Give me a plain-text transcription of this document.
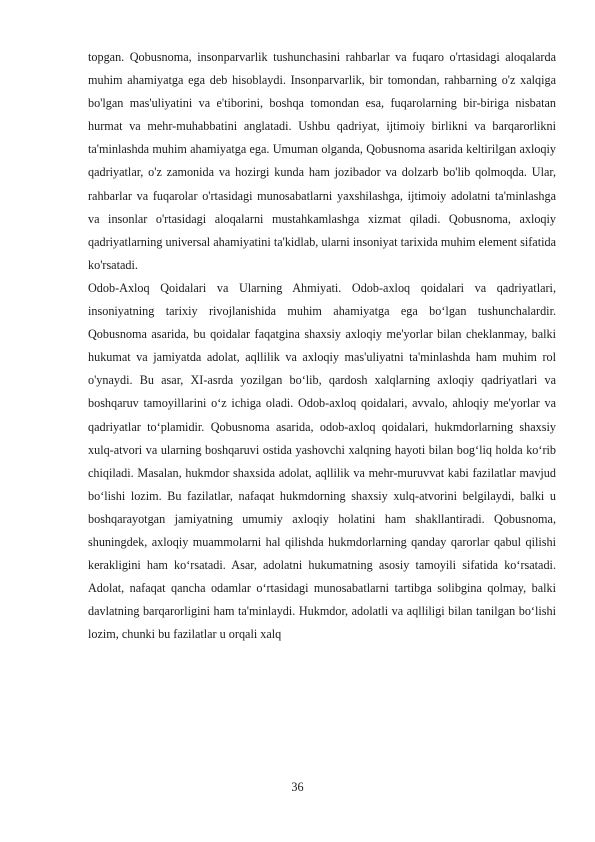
topgan. Qobusnoma, insonparvarlik tushunchasini rahbarlar va fuqaro o'rtasidagi aloqalarda muhim ahamiyatga ega deb hisoblaydi. Insonparvarlik, bir tomondan, rahbarning o'z xalqiga bo'lgan mas'uliyatini va e'tiborini, boshqa tomondan esa, fuqarolarning bir-biriga nisbatan hurmat va mehr-muhabbatini anglatadi. Ushbu qadriyat, ijtimoiy birlikni va barqarorlikni ta'minlashda muhim ahamiyatga ega. Umuman olganda, Qobusnoma asarida keltirilgan axloqiy qadriyatlar, o'z zamonida va hozirgi kunda ham jozibador va dolzarb bo'lib qolmoqda. Ular, rahbarlar va fuqarolar o'rtasidagi munosabatlarni yaxshilashga, ijtimoiy adolatni ta'minlashga va insonlar o'rtasidagi aloqalarni mustahkamlashga xizmat qiladi. Qobusnoma, axloqiy qadriyatlarning universal ahamiyatini ta'kidlab, ularni insoniyat tarixida muhim element sifatida ko'rsatadi.

Odob-Axloq Qoidalari va Ularning Ahmiyati. Odob-axloq qoidalari va qadriyatlari, insoniyatning tarixiy rivojlanishida muhim ahamiyatga ega bo‘lgan tushunchalardir. Qobusnoma asarida, bu qoidalar faqatgina shaxsiy axloqiy me'yorlar bilan cheklanmay, balki hukumat va jamiyatda adolat, aqllilik va axloqiy mas'uliyatni ta'minlashda ham muhim rol o'ynaydi. Bu asar, XI-asrda yozilgan bo‘lib, qardosh xalqlarning axloqiy qadriyatlari va boshqaruv tamoyillarini o‘z ichiga oladi. Odob-axloq qoidalari, avvalo, ahloqiy me'yorlar va qadriyatlar to‘plamidir. Qobusnoma asarida, odob-axloq qoidalari, hukmdorlarning shaxsiy xulq-atvori va ularning boshqaruvi ostida yashovchi xalqning hayoti bilan bog‘liq holda ko‘rib chiqiladi. Masalan, hukmdor shaxsida adolat, aqllilik va mehr-muruvvat kabi fazilatlar mavjud bo‘lishi lozim. Bu fazilatlar, nafaqat hukmdorning shaxsiy xulq-atvorini belgilaydi, balki u boshqarayotgan jamiyatning umumiy axloqiy holatini ham shakllantiradi. Qobusnoma, shuningdek, axloqiy muammolarni hal qilishda hukmdorlarning qanday qarorlar qabul qilishi kerakligini ham ko‘rsatadi. Asar, adolatni hukumatning asosiy tamoyili sifatida ko‘rsatadi. Adolat, nafaqat qancha odamlar o‘rtasidagi munosabatlarni tartibga solibgina qolmay, balki davlatning barqarorligini ham ta'minlaydi. Hukmdor, adolatli va aqlliligi bilan tanilgan bo‘lishi lozim, chunki bu fazilatlar u orqali xalq

36
